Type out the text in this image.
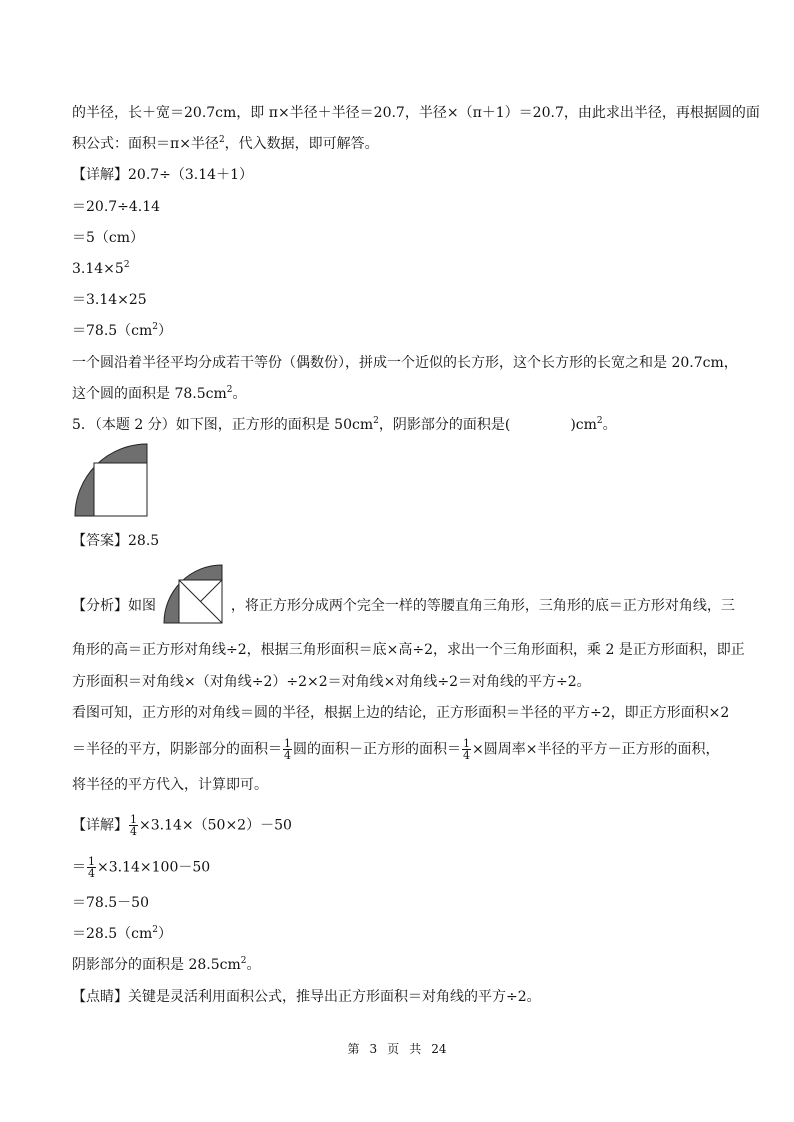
的半径，长＋宽＝20.7cm，即 π×半径＋半径＝20.7，半径×（π＋1）＝20.7，由此求出半径，再根据圆的面
积公式：面积＝π×半径$^2$，代入数据，即可解答。
【详解】20.7÷（3.14＋1）
＝20.7÷4.14
＝5（cm）
$3.14\times 5^2$
＝3.14×25
$=78.5(cm^2)$
一个圆沿着半径平均分成若干等份（偶数份），拼成一个近似的长方形，这个长方形的长宽之和是 20.7cm，
这个圆的面积是 $78.5cm^2$。
5．（本题 2 分）如下图，正方形的面积是 $50cm^2$，阴影部分的面积是(	)$cm^2$。
【答案】28.5
【分析】如图	，将正方形分成两个完全一样的等腰直角三角形，三角形的底＝正方形对角线，三
角形的高＝正方形对角线÷2，根据三角形面积＝底×高÷2，求出一个三角形面积，乘 2 是正方形面积，即正
方形面积＝对角线×（对角线÷2）÷2×2＝对角线×对角线÷2＝对角线的平方÷2。
看图可知，正方形的对角线＝圆的半径，根据上边的结论，正方形面积＝半径的平方÷2，即正方形面积×2
＝半径的平方，阴影部分的面积＝ $\frac{1}{4}$ 圆的面积－正方形的面积＝ $\frac{1}{4}$ ×圆周率×半径的平方－正方形的面积，
将半径的平方代入，计算即可。
【详解】 $\frac{1}{4} \times 3.14\times(50\times 2)-50$
＝ $\frac{1}{4} \times 3.14\times 100-50$
＝78.5－50
$=28.5(cm^2)$
阴影部分的面积是 $28.5cm^2$。
【点睛】关键是灵活利用面积公式，推导出正方形面积＝对角线的平方÷2。
第 3 页 共 24
